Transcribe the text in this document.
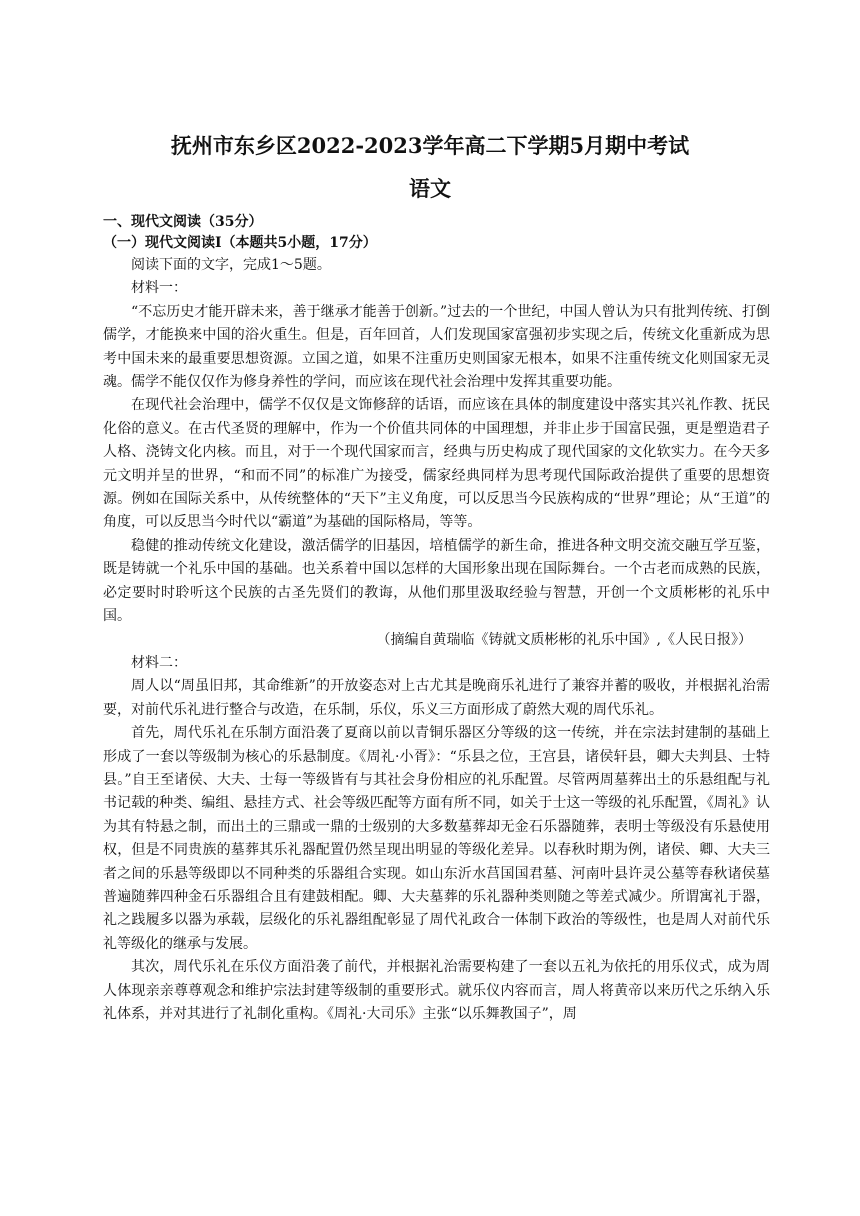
抚州市东乡区2022-2023学年高二下学期5月期中考试
语文
一、现代文阅读（35分）
（一）现代文阅读Ⅰ（本题共5小题，17分）

阅读下面的文字，完成1～5题。

材料一：

“不忘历史才能开辟未来，善于继承才能善于创新。”过去的一个世纪，中国人曾认为只有批判传统、打倒儒学，才能换来中国的浴火重生。但是，百年回首，人们发现国家富强初步实现之后，传统文化重新成为思考中国未来的最重要思想资源。立国之道，如果不注重历史则国家无根本，如果不注重传统文化则国家无灵魂。儒学不能仅仅作为修身养性的学问，而应该在现代社会治理中发挥其重要功能。

在现代社会治理中，儒学不仅仅是文饰修辞的话语，而应该在具体的制度建设中落实其兴礼作教、抚民化俗的意义。在古代圣贤的理解中，作为一个价值共同体的中国理想，并非止步于国富民强，更是塑造君子人格、浇铸文化内核。而且，对于一个现代国家而言，经典与历史构成了现代国家的文化软实力。在今天多元文明并呈的世界，“和而不同”的标准广为接受，儒家经典同样为思考现代国际政治提供了重要的思想资源。例如在国际关系中，从传统整体的“天下”主义角度，可以反思当今民族构成的“世界”理论；从“王道”的角度，可以反思当今时代以“霸道”为基础的国际格局，等等。

稳健的推动传统文化建设，激活儒学的旧基因，培植儒学的新生命，推进各种文明交流交融互学互鉴，既是铸就一个礼乐中国的基础。也关系着中国以怎样的大国形象出现在国际舞台。一个古老而成熟的民族，必定要时时聆听这个民族的古圣先贤们的教诲，从他们那里汲取经验与智慧，开创一个文质彬彬的礼乐中国。

（摘编自黄瑞临《铸就文质彬彬的礼乐中国》,《人民日报》）

材料二：

周人以“周虽旧邦，其命维新”的开放姿态对上古尤其是晚商乐礼进行了兼容并蓄的吸收，并根据礼治需要，对前代乐礼进行整合与改造，在乐制，乐仪，乐义三方面形成了蔚然大观的周代乐礼。

首先，周代乐礼在乐制方面沿袭了夏商以前以青铜乐器区分等级的这一传统，并在宗法封建制的基础上形成了一套以等级制为核心的乐悬制度。《周礼·小胥》：“乐县之位，王宫县，诸侯轩县，卿大夫判县、士特县。”自王至诸侯、大夫、士每一等级皆有与其社会身份相应的礼乐配置。尽管两周墓葬出土的乐悬组配与礼书记载的种类、编组、悬挂方式、社会等级匹配等方面有所不同，如关于士这一等级的礼乐配置，《周礼》认为其有特悬之制，而出土的三鼎或一鼎的士级别的大多数墓葬却无金石乐器随葬，表明士等级没有乐悬使用权，但是不同贵族的墓葬其乐礼器配置仍然呈现出明显的等级化差异。以春秋时期为例，诸侯、卿、大夫三者之间的乐悬等级即以不同种类的乐器组合实现。如山东沂水莒国国君墓、河南叶县许灵公墓等春秋诸侯墓普遍随葬四种金石乐器组合且有建鼓相配。卿、大夫墓葬的乐礼器种类则随之等差式减少。所谓寓礼于器，礼之践履多以器为承载，层级化的乐礼器组配彰显了周代礼政合一体制下政治的等级性，也是周人对前代乐礼等级化的继承与发展。

其次，周代乐礼在乐仪方面沿袭了前代，并根据礼治需要构建了一套以五礼为依托的用乐仪式，成为周人体现亲亲尊尊观念和维护宗法封建等级制的重要形式。就乐仪内容而言，周人将黄帝以来历代之乐纳入乐礼体系，并对其进行了礼制化重构。《周礼·大司乐》主张“以乐舞教国子”，周
